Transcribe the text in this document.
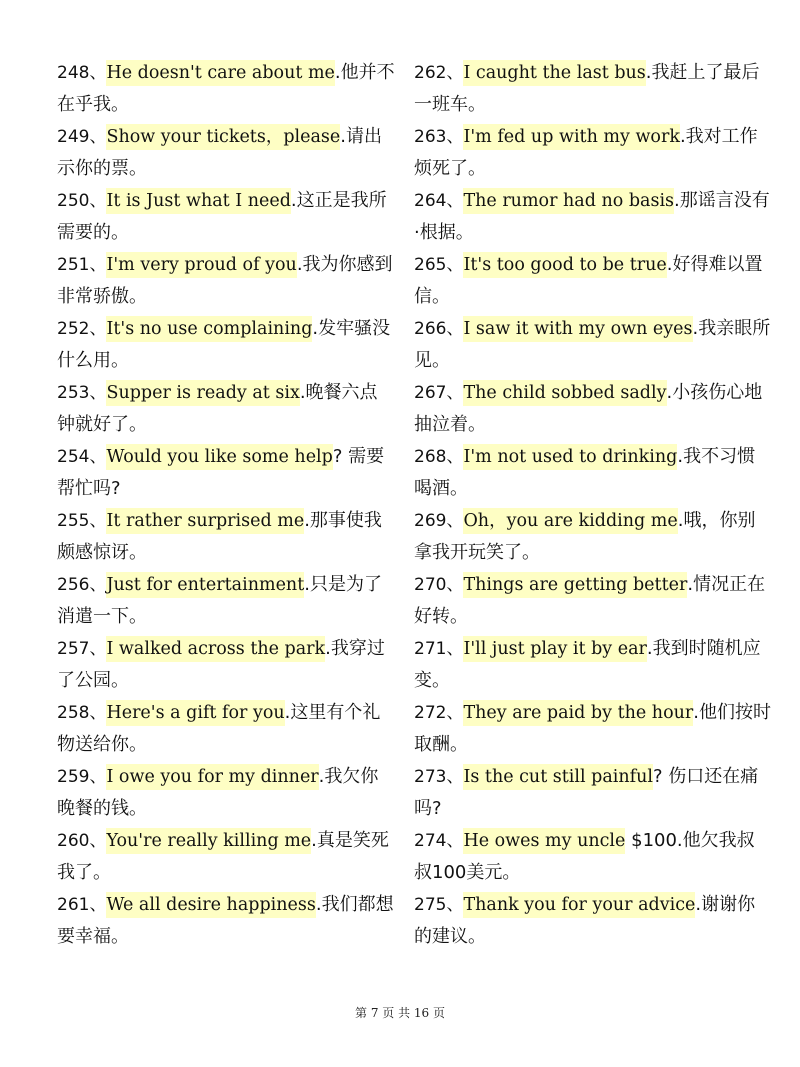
248、He doesn't care about me.他并不在乎我。
249、Show your tickets，please.请出示你的票。
250、It is Just what I need.这正是我所需要的。
251、I'm very proud of you.我为你感到非常骄傲。
252、It's no use complaining.发牢骚没什么用。
253、Supper is ready at six.晚餐六点钟就好了。
254、Would you like some help? 需要帮忙吗?
255、It rather surprised me.那事使我颇感惊讶。
256、Just for entertainment.只是为了消遣一下。
257、I walked across the park.我穿过了公园。
258、Here's a gift for you.这里有个礼物送给你。
259、I owe you for my dinner.我欠你晚餐的钱。
260、You're really killing me.真是笑死我了。
261、We all desire happiness.我们都想要幸福。
262、I caught the last bus.我赶上了最后一班车。
263、I'm fed up with my work.我对工作烦死了。
264、The rumor had no basis.那谣言没有·根据。
265、It's too good to be true.好得难以置信。
266、I saw it with my own eyes.我亲眼所见。
267、The child sobbed sadly.小孩伤心地抽泣着。
268、I'm not used to drinking.我不习惯喝酒。
269、Oh，you are kidding me.哦，你别拿我开玩笑了。
270、Things are getting better.情况正在好转。
271、I'll just play it by ear.我到时随机应变。
272、They are paid by the hour.他们按时取酬。
273、Is the cut still painful? 伤口还在痛吗?
274、He owes my uncle $100.他欠我叔叔100美元。
275、Thank you for your advice.谢谢你的建议。
第 7 页 共 16 页
